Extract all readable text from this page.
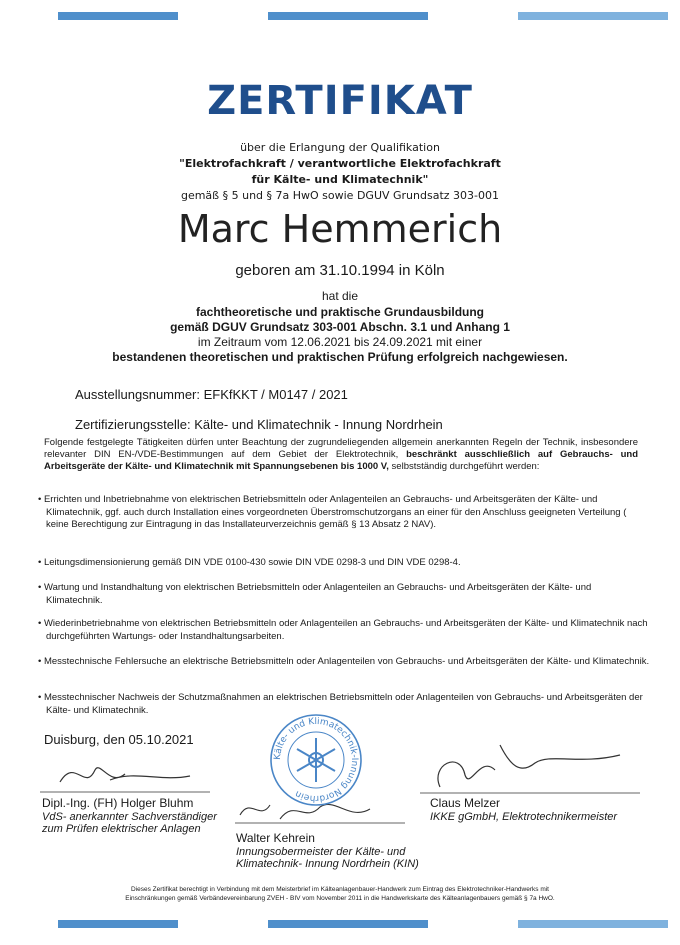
ZERTIFIKAT
über die Erlangung der Qualifikation
"Elektrofachkraft / verantwortliche Elektrofachkraft
für Kälte- und Klimatechnik"
gemäß § 5 und § 7a HwO sowie DGUV Grundsatz 303-001
Marc Hemmerich
geboren am 31.10.1994 in Köln
hat die
fachtheoretische und praktische Grundausbildung
gemäß DGUV Grundsatz 303-001 Abschn. 3.1 und Anhang 1
im Zeitraum vom 12.06.2021 bis 24.09.2021 mit einer
bestandenen theoretischen und praktischen Prüfung erfolgreich nachgewiesen.
Ausstellungsnummer: EFKfKKT / M0147 / 2021
Zertifizierungsstelle: Kälte- und Klimatechnik - Innung Nordrhein
Folgende festgelegte Tätigkeiten dürfen unter Beachtung der zugrundeliegenden allgemein anerkannten Regeln der Technik, insbesondere relevanter DIN EN-/VDE-Bestimmungen auf dem Gebiet der Elektrotechnik, beschränkt ausschließlich auf Gebrauchs- und Arbeitsgeräte der Kälte- und Klimatechnik mit Spannungsebenen bis 1000 V, selbstständig durchgeführt werden:
• Errichten und Inbetriebnahme von elektrischen Betriebsmitteln oder Anlagenteilen an Gebrauchs- und Arbeitsgeräten der Kälte- und Klimatechnik, ggf. auch durch Installation eines vorgeordneten Überstromschutzorgans an einer für den Anschluss geeigneten Verteilung ( keine Berechtigung zur Eintragung in das Installateurverzeichnis gemäß § 13 Absatz 2 NAV).
• Leitungsdimensionierung gemäß DIN VDE 0100-430 sowie DIN VDE 0298-3 und DIN VDE 0298-4.
• Wartung und Instandhaltung von elektrischen Betriebsmitteln oder Anlagenteilen an Gebrauchs- und Arbeitsgeräten der Kälte- und Klimatechnik.
• Wiederinbetriebnahme von elektrischen Betriebsmitteln oder Anlagenteilen an Gebrauchs- und Arbeitsgeräten der Kälte- und Klimatechnik nach durchgeführten Wartungs- oder Instandhaltungsarbeiten.
• Messtechnische Fehlersuche an elektrische Betriebsmitteln oder Anlagenteilen von Gebrauchs- und Arbeitsgeräten der Kälte- und Klimatechnik.
• Messtechnischer Nachweis der Schutzmaßnahmen an elektrischen Betriebsmitteln oder Anlagenteilen von Gebrauchs- und Arbeitsgeräten der Kälte- und Klimatechnik.
Duisburg, den 05.10.2021
Kälte- und Klimatechnik-Innung Nordrhein
Dipl.-Ing. (FH) Holger Bluhm
VdS- anerkannter Sachverständiger
zum Prüfen elektrischer Anlagen
Walter Kehrein
Innungsobermeister der Kälte- und
Klimatechnik- Innung Nordrhein (KIN)
Claus Melzer
IKKE gGmbH, Elektrotechnikermeister
Dieses Zertifikat berechtigt in Verbindung mit dem Meisterbrief im Kälteanlagenbauer-Handwerk zum Eintrag des Elektrotechniker-Handwerks mit
Einschränkungen gemäß Verbändevereinbarung ZVEH - BIV vom November 2011 in die Handwerkskarte des Kälteanlagenbauers gemäß § 7a HwO.
